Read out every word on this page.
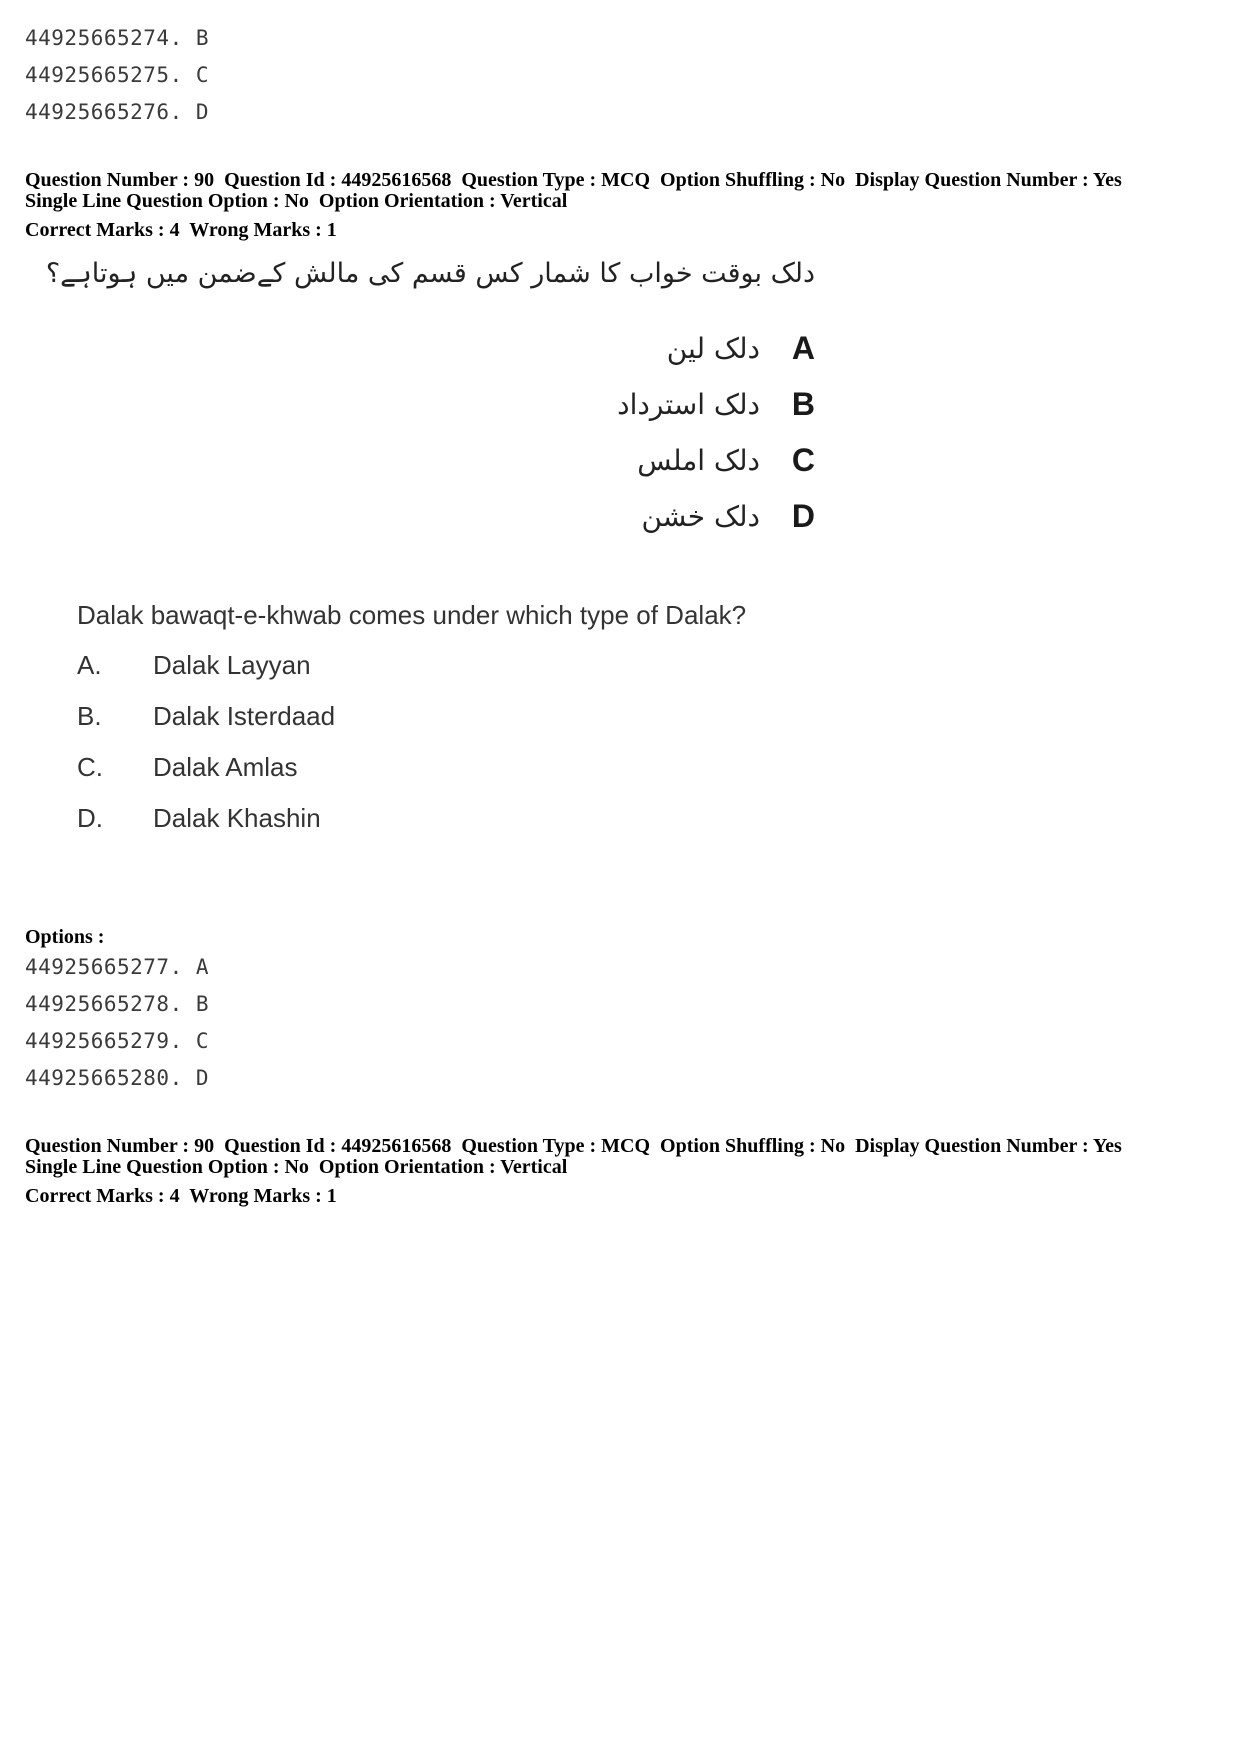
44925665274. B
44925665275. C
44925665276. D
Question Number : 90  Question Id : 44925616568  Question Type : MCQ  Option Shuffling : No  Display Question Number : Yes
Single Line Question Option : No  Option Orientation : Vertical
Correct Marks : 4  Wrong Marks : 1
دلک بوقت خواب کا شمار کس قسم کی مالش کےضمن میں ہوتاہے؟
A
دلک لین
B
دلک استرداد
C
دلک املس
D
دلک خشن
Dalak bawaqt-e-khwab comes under which type of Dalak?
A. Dalak Layyan
B. Dalak Isterdaad
C. Dalak Amlas
D. Dalak Khashin
Options :
44925665277. A
44925665278. B
44925665279. C
44925665280. D
Question Number : 90  Question Id : 44925616568  Question Type : MCQ  Option Shuffling : No  Display Question Number : Yes
Single Line Question Option : No  Option Orientation : Vertical
Correct Marks : 4  Wrong Marks : 1
